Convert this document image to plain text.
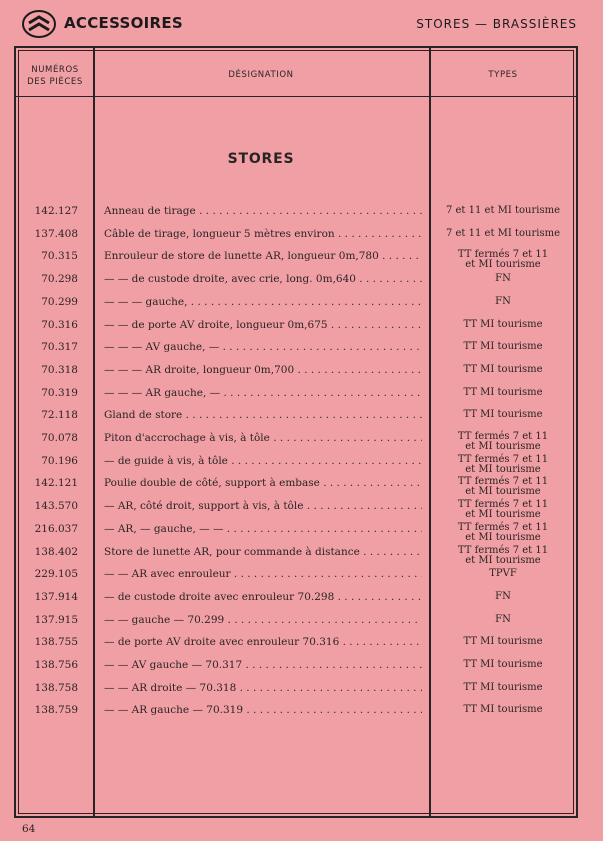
ACCESSOIRES	STORES — BRASSIÈRES
NUMÉROS
DES PIÈCES
DÉSIGNATION	TYPES
STORES
142.127 Anneau de tirage . . .	7 et 11 et MI tourisme
137.408 Câble de tirage, longueur 5 mètres environ . . .	7 et 11 et MI tourisme
70.315 Enrouleur de store de lunette AR, longueur 0m,780 . . .	TT fermés 7 et 11
et MI tourisme
70.298 — — de custode droite, avec crie, long. 0m,640 . . .	FN
70.299 — — — gauche, . . .	FN
70.316 — — de porte AV droite, longueur 0m,675 . . .	TT MI tourisme
70.317 — — — AV gauche, — . . .	TT MI tourisme
70.318 — — — AR droite, longueur 0m,700 . . .	TT MI tourisme
70.319 — — — AR gauche, — . . .	TT MI tourisme
72.118 Gland de store . . .	TT MI tourisme
70.078 Piton d'accrochage à vis, à tôle . . .	TT fermés 7 et 11
et MI tourisme
70.196 — de guide à vis, à tôle . . .	TT fermés 7 et 11
et MI tourisme
142.121 Poulie double de côté, support à embase . . .	TT fermés 7 et 11
et MI tourisme
143.570 — AR, côté droit, support à vis, à tôle . . .	TT fermés 7 et 11
et MI tourisme
216.037 — AR, — gauche, — — . . .	TT fermés 7 et 11
et MI tourisme
138.402 Store de lunette AR, pour commande à distance . . .	TT fermés 7 et 11
et MI tourisme
229.105 — — AR avec enrouleur . . .	TPVF
137.914 — de custode droite avec enrouleur 70.298 . . .	FN
137.915 — — gauche — 70.299 . . .	FN
138.755 — de porte AV droite avec enrouleur 70.316 . . .	TT MI tourisme
138.756 — — AV gauche — 70.317 . . .	TT MI tourisme
138.758 — — AR droite — 70.318 . . .	TT MI tourisme
138.759 — — AR gauche — 70.319 . . .	TT MI tourisme
64
